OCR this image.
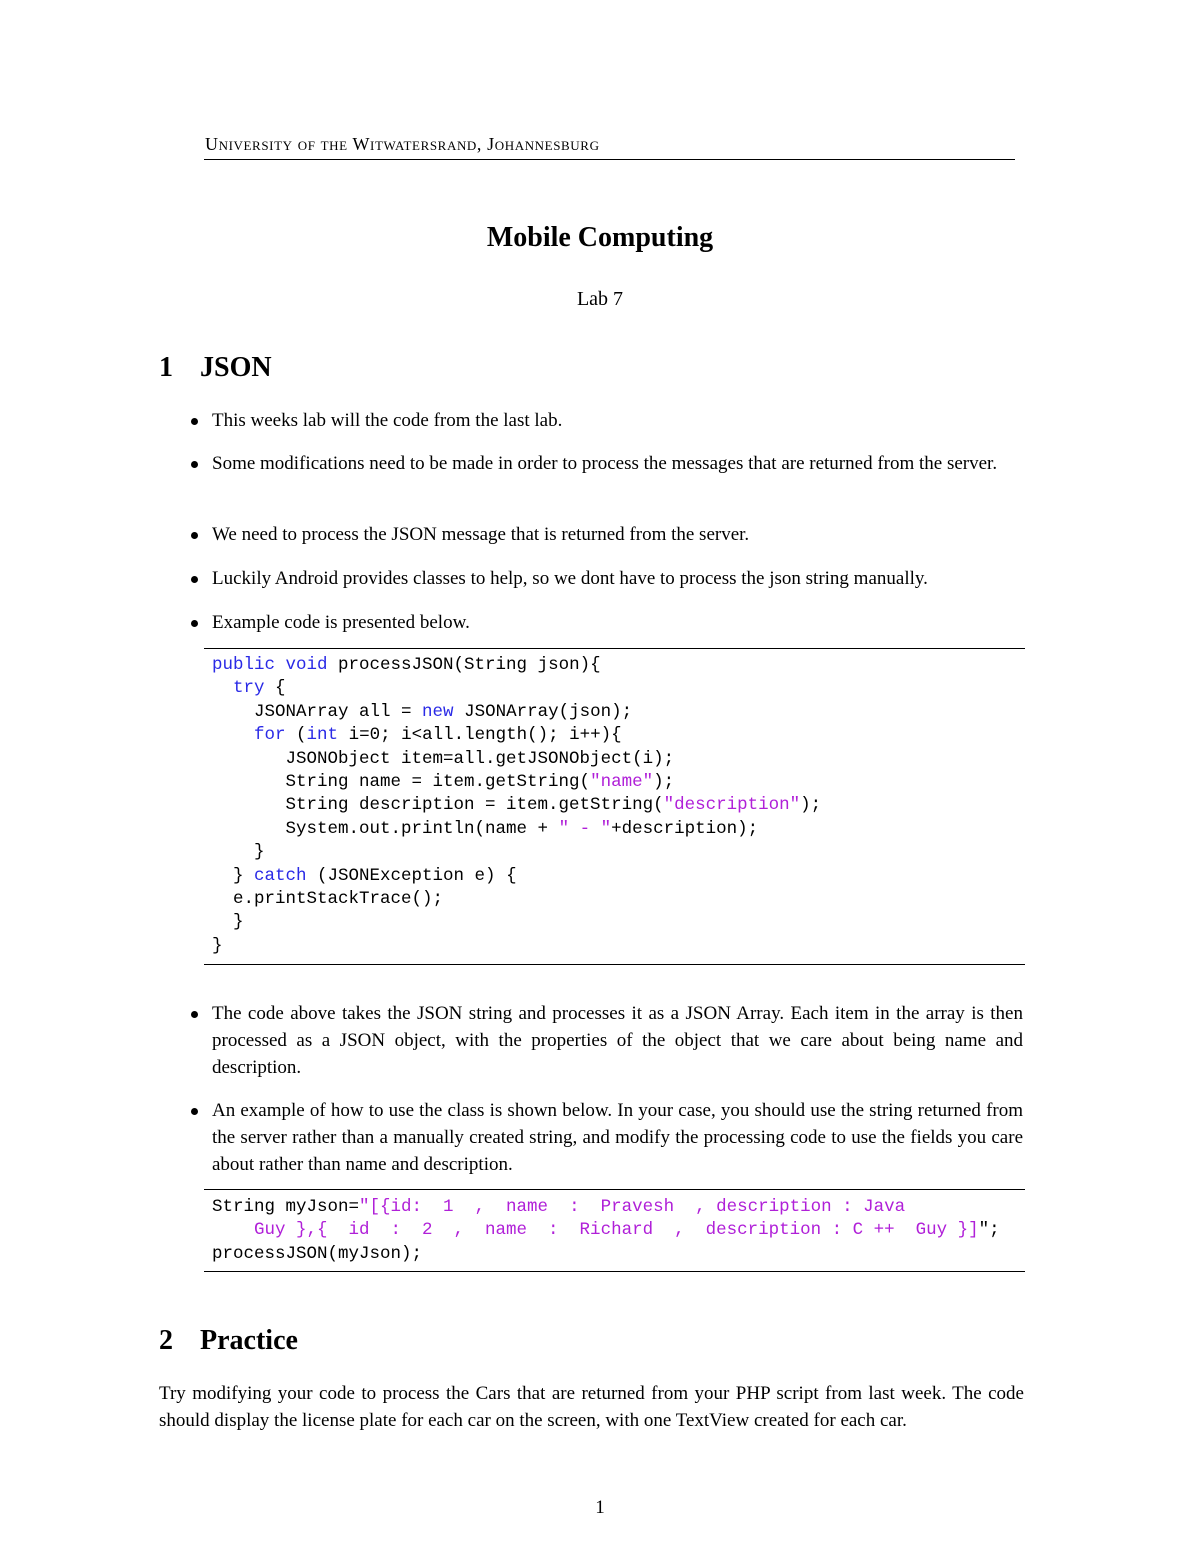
University of the Witwatersrand, Johannesburg
Mobile Computing
Lab 7
1 JSON
This weeks lab will the code from the last lab.
Some modifications need to be made in order to process the messages that are returned from the server.
We need to process the JSON message that is returned from the server.
Luckily Android provides classes to help, so we dont have to process the json string manually.
Example code is presented below.
public void processJSON(String json){
try {
JSONArray all = new JSONArray(json);
for (int i=0; i<all.length(); i++){
JSONObject item=all.getJSONObject(i);
String name = item.getString("name");
String description = item.getString("description");
System.out.println(name + " - "+description);
}
} catch (JSONException e) {
e.printStackTrace();
}
}
The code above takes the JSON string and processes it as a JSON Array. Each item in the array is then processed as a JSON object, with the properties of the object that we care about being name and description.
An example of how to use the class is shown below. In your case, you should use the string returned from the server rather than a manually created string, and modify the processing code to use the fields you care about rather than name and description.
String myJson="[{id:  1  ,  name  :  Pravesh  , description : Java
Guy },{  id  :  2  ,  name  :  Richard  ,  description : C ++  Guy }]";
processJSON(myJson);
2 Practice
Try modifying your code to process the Cars that are returned from your PHP script from last week. The code should display the license plate for each car on the screen, with one TextView created for each car.
1
